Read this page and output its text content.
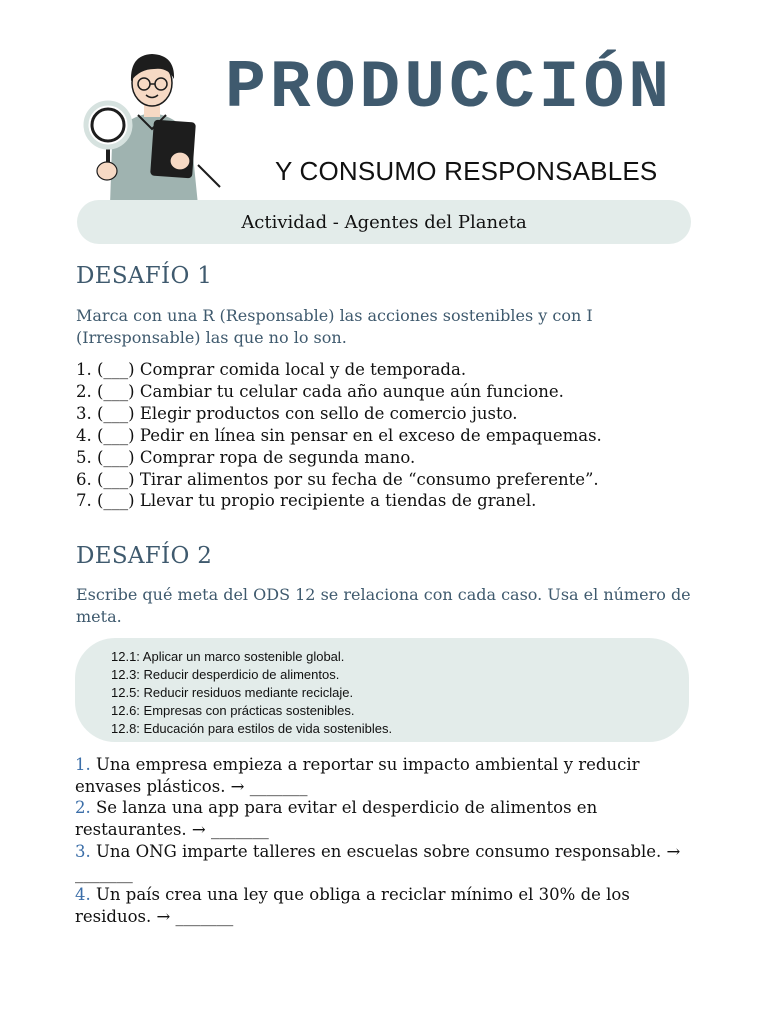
PRODUCCIÓN
Y CONSUMO RESPONSABLES
Actividad - Agentes del Planeta
DESAFÍO 1

Marca con una R (Responsable) las acciones sostenibles y con I (Irresponsable) las que no lo son.

1. (___) Comprar comida local y de temporada.
2. (___) Cambiar tu celular cada año aunque aún funcione.
3. (___) Elegir productos con sello de comercio justo.
4. (___) Pedir en línea sin pensar en el exceso de empaquemas.
5. (___) Comprar ropa de segunda mano.
6. (___) Tirar alimentos por su fecha de “consumo preferente”.
7. (___) Llevar tu propio recipiente a tiendas de granel.
DESAFÍO 2

Escribe qué meta del ODS 12 se relaciona con cada caso. Usa el número de meta.

12.1: Aplicar un marco sostenible global.
12.3: Reducir desperdicio de alimentos.
12.5: Reducir residuos mediante reciclaje.
12.6: Empresas con prácticas sostenibles.
12.8: Educación para estilos de vida sostenibles.
1. Una empresa empieza a reportar su impacto ambiental y reducir envases plásticos. → _______
2. Se lanza una app para evitar el desperdicio de alimentos en restaurantes. → _______
3. Una ONG imparte talleres en escuelas sobre consumo responsable. → _______
4. Un país crea una ley que obliga a reciclar mínimo el 30% de los residuos. → _______
